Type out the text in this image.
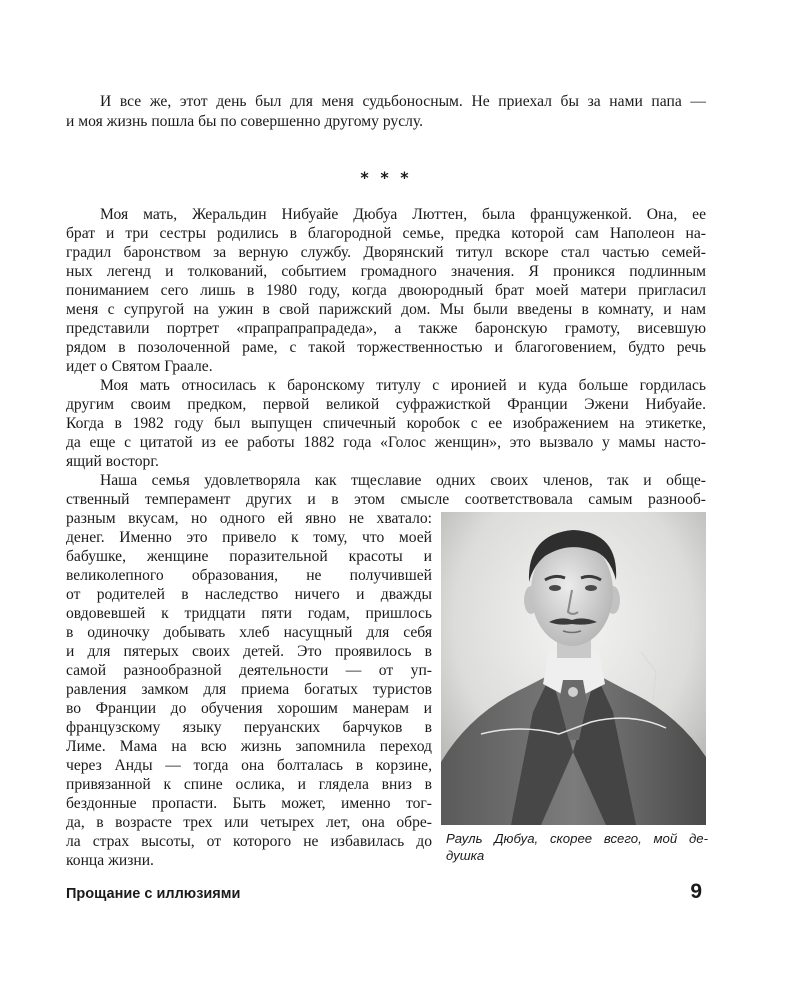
И все же, этот день был для меня судьбоносным. Не приехал бы за нами папа —
и моя жизнь пошла бы по совершенно другому руслу.
* * *
Моя мать, Жеральдин Нибуайе Дюбуа Люттен, была француженкой. Она, ее
брат и три сестры родились в благородной семье, предка которой сам Наполеон на-
градил баронством за верную службу. Дворянский титул вскоре стал частью семей-
ных легенд и толкований, событием громадного значения. Я проникся подлинным
пониманием сего лишь в 1980 году, когда двоюродный брат моей матери пригласил
меня с супругой на ужин в свой парижский дом. Мы были введены в комнату, и нам
представили портрет «прапрапрапрадеда», а также баронскую грамоту, висевшую
рядом в позолоченной раме, с такой торжественностью и благоговением, будто речь
идет о Святом Граале.
Моя мать относилась к баронскому титулу с иронией и куда больше гордилась
другим своим предком, первой великой суфражисткой Франции Эжени Нибуайе.
Когда в 1982 году был выпущен спичечный коробок с ее изображением на этикетке,
да еще с цитатой из ее работы 1882 года «Голос женщин», это вызвало у мамы насто-
ящий восторг.
Наша семья удовлетворяла как тщеславие одних своих членов, так и обще-
ственный темперамент других и в этом смысле соответствовала самым разнооб-
разным вкусам, но одного ей явно не хватало:
денег. Именно это привело к тому, что моей
бабушке, женщине поразительной красоты и
великолепного образования, не получившей
от родителей в наследство ничего и дважды
овдовевшей к тридцати пяти годам, пришлось
в одиночку добывать хлеб насущный для себя
и для пятерых своих детей. Это проявилось в
самой разнообразной деятельности — от уп-
равления замком для приема богатых туристов
во Франции до обучения хорошим манерам и
французскому языку перуанских барчуков в
Лиме. Мама на всю жизнь запомнила переход
через Анды — тогда она болталась в корзине,
привязанной к спине ослика, и глядела вниз в
бездонные пропасти. Быть может, именно тог-
да, в возрасте трех или четырех лет, она обре-
ла страх высоты, от которого не избавилась до
конца жизни.
Рауль Дюбуа, скорее всего, мой де-
душка
Прощание с иллюзиями	9
